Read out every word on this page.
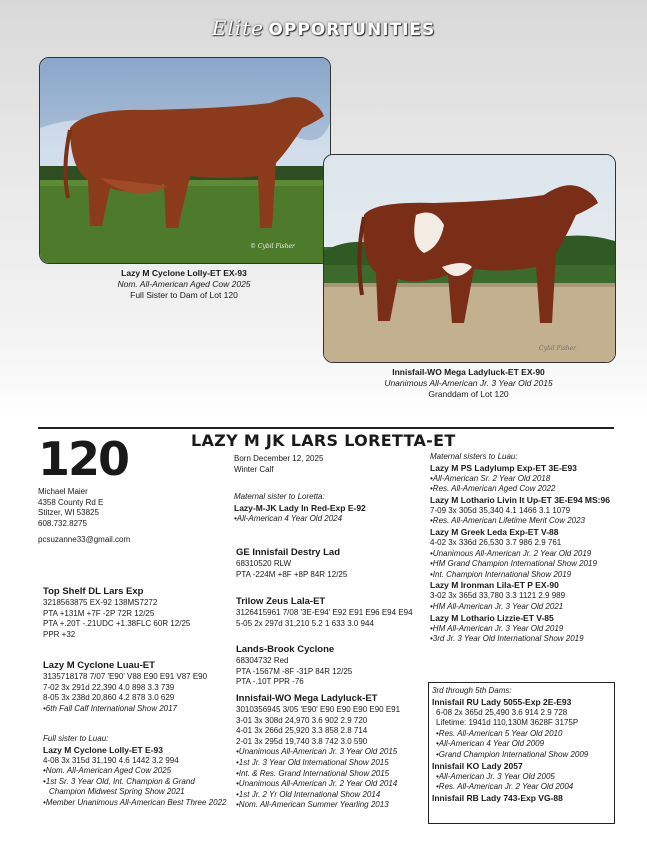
Elite OPPORTUNITIES
© Cybil Fisher
Lazy M Cyclone Lolly-ET EX-93
Nom. All-American Aged Cow 2025
Full Sister to Dam of Lot 120
Cybil Fisher
Innisfail-WO Mega Ladyluck-ET EX-90
Unanimous All-American Jr. 3 Year Old 2015
Granddam of Lot 120
120	LAZY M JK LARS LORETTA-ET
Born December 12, 2025
Winter Calf
Michael Maier
4358 County Rd E
Stitzer, WI 53825
608.732.8275
pcsuzanne33@gmail.com
Maternal sister to Loretta:
Lazy-M-JK Lady In Red-Exp E-92
•All-American 4 Year Old 2024
Top Shelf DL Lars Exp
3218563875 EX-92 138MS7272
PTA +131M +7F -2P 72R 12/25
PTA +.20T -.21UDC +1.38FLC 60R 12/25
PPR +32
Lazy M Cyclone Luau-ET
3135718178 7/07 'E90' V88 E90 E91 V87 E90
7-02 3x 291d 22,390 4.0 898 3.3 739
8-05 3x 238d 20,860 4.2 878 3.0 629
•6th Fall Calf International Show 2017
Full sister to Luau:
Lazy M Cyclone Lolly-ET E-93
4-08 3x 315d 31,190 4.6 1442 3.2 994
•Nom. All-American Aged Cow 2025
•1st Sr. 3 Year Old, Int. Champion & Grand
Champion Midwest Spring Show 2021
•Member Unanimous All-American Best Three 2022
GE Innisfail Destry Lad
68310520 RLW
PTA -224M +8F +8P 84R 12/25
Trilow Zeus Lala-ET
3126415961 7/08 '3E-E94' E92 E91 E96 E94 E94
5-05 2x 297d 31,210 5.2 1 633 3.0 944
Lands-Brook Cyclone
68304732 Red
PTA -1567M -8F -31P 84R 12/25
PTA -.10T PPR -76
Innisfail-WO Mega Ladyluck-ET
3010356945 3/05 'E90' E90 E90 E90 E90 E91
3-01 3x 308d 24,970 3.6 902 2.9 720
4-01 3x 266d 25,920 3.3 858 2.8 714
2-01 3x 295d 19,740 3.8 742 3.0 590
•Unanimous All-American Jr. 3 Year Old 2015
•1st Jr. 3 Year Old International Show 2015
•Int. & Res. Grand International Show 2015
•Unanimous All-American Jr. 2 Year Old 2014
•1st Jr. 2 Yr Old International Show 2014
•Nom. All-American Summer Yearling 2013
Maternal sisters to Luau:
Lazy M PS Ladylump Exp-ET 3E-E93
•All-American Sr. 2 Year Old 2018
•Res. All-American Aged Cow 2022
Lazy M Lothario Livin It Up-ET 3E-E94 MS:96
7-09 3x 305d 35,340 4.1 1466 3.1 1079
•Res. All-American Lifetime Merit Cow 2023
Lazy M Greek Leda Exp-ET V-88
4-02 3x 336d 26,530 3.7 986 2.9 761
•Unanimous All-American Jr. 2 Year Old 2019
•HM Grand Champion International Show 2019
•Int. Champion International Show 2019
Lazy M Ironman Lila-ET P EX-90
3-02 3x 365d 33,780 3.3 1121 2.9 989
•HM All-American Jr. 3 Year Old 2021
Lazy M Lothario Lizzie-ET V-85
•HM All-American Jr. 3 Year Old 2019
•3rd Jr. 3 Year Old International Show 2019
3rd through 5th Dams:
Innisfail RU Lady 5055-Exp 2E-E93
6-08 2x 365d 25,490 3.6 914 2.9 728
Lifetime: 1941d 110,130M 3628F 3175P
•Res. All-American 5 Year Old 2010
•All-American 4 Year Old 2009
•Grand Champion International Show 2009
Innisfail KO Lady 2057
•All-American Jr. 3 Year Old 2005
•Res. All-American Jr. 2 Year Old 2004
Innisfail RB Lady 743-Exp VG-88
